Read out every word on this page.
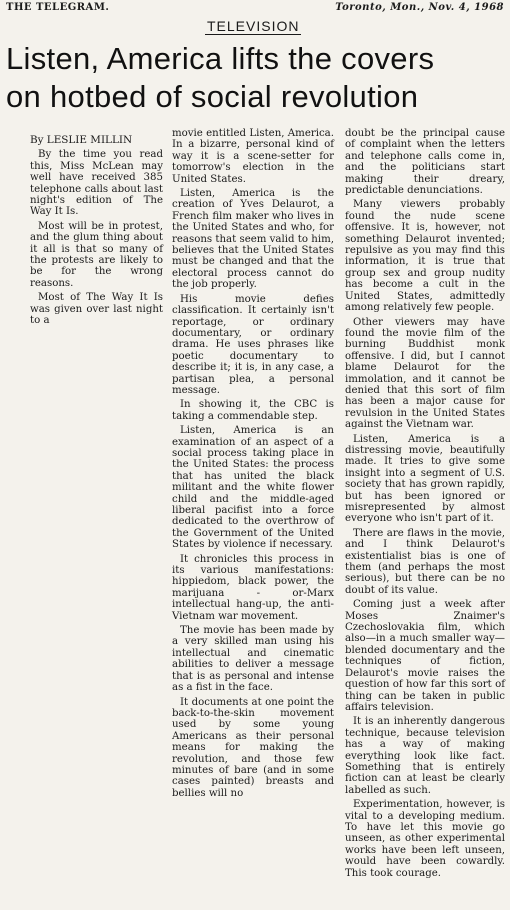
THE TELEGRAM.	Toronto, Mon., Nov. 4, 1968
TELEVISION
Listen, America lifts the covers
on hotbed of social revolution
By LESLIE MILLIN

By the time you read this, Miss McLean may well have received 385 telephone calls about last night's edition of The Way It Is.

Most will be in protest, and the glum thing about it all is that so many of the protests are likely to be for the wrong reasons.

Most of The Way It Is was given over last night to a

movie entitled Listen, America. In a bizarre, personal kind of way it is a scene-setter for tomorrow's election in the United States.

Listen, America is the creation of Yves Delaurot, a French film maker who lives in the United States and who, for reasons that seem valid to him, believes that the United States must be changed and that the electoral process cannot do the job properly.

His movie defies classification. It certainly isn't reportage, or ordinary documentary, or ordinary drama. He uses phrases like poetic documentary to describe it; it is, in any case, a partisan plea, a personal message.

In showing it, the CBC is taking a commendable step.

Listen, America is an examination of an aspect of a social process taking place in the United States: the process that has united the black militant and the white flower child and the middle-aged liberal pacifist into a force dedicated to the overthrow of the Government of the United States by violence if necessary.

It chronicles this process in its various manifestations: hippiedom, black power, the marijuana - or-Marx intellectual hang-up, the anti-Vietnam war movement.

The movie has been made by a very skilled man using his intellectual and cinematic abilities to deliver a message that is as personal and intense as a fist in the face.

It documents at one point the back-to-the-skin movement used by some young Americans as their personal means for making the revolution, and those few minutes of bare (and in some cases painted) breasts and bellies will no

doubt be the principal cause of complaint when the letters and telephone calls come in, and the politicians start making their dreary, predictable denunciations.

Many viewers probably found the nude scene offensive. It is, however, not something Delaurot invented; repulsive as you may find this information, it is true that group sex and group nudity has become a cult in the United States, admittedly among relatively few people.

Other viewers may have found the movie film of the burning Buddhist monk offensive. I did, but I cannot blame Delaurot for the immolation, and it cannot be denied that this sort of film has been a major cause for revulsion in the United States against the Vietnam war.

Listen, America is a distressing movie, beautifully made. It tries to give some insight into a segment of U.S. society that has grown rapidly, but has been ignored or misrepresented by almost everyone who isn't part of it.

There are flaws in the movie, and I think Delaurot's existentialist bias is one of them (and perhaps the most serious), but there can be no doubt of its value.

Coming just a week after Moses Znaimer's Czechoslovakia film, which also—in a much smaller way—blended documentary and the techniques of fiction, Delaurot's movie raises the question of how far this sort of thing can be taken in public affairs television.

It is an inherently dangerous technique, because television has a way of making everything look like fact. Something that is entirely fiction can at least be clearly labelled as such.

Experimentation, however, is vital to a developing medium. To have let this movie go unseen, as other experimental works have been left unseen, would have been cowardly. This took courage.
